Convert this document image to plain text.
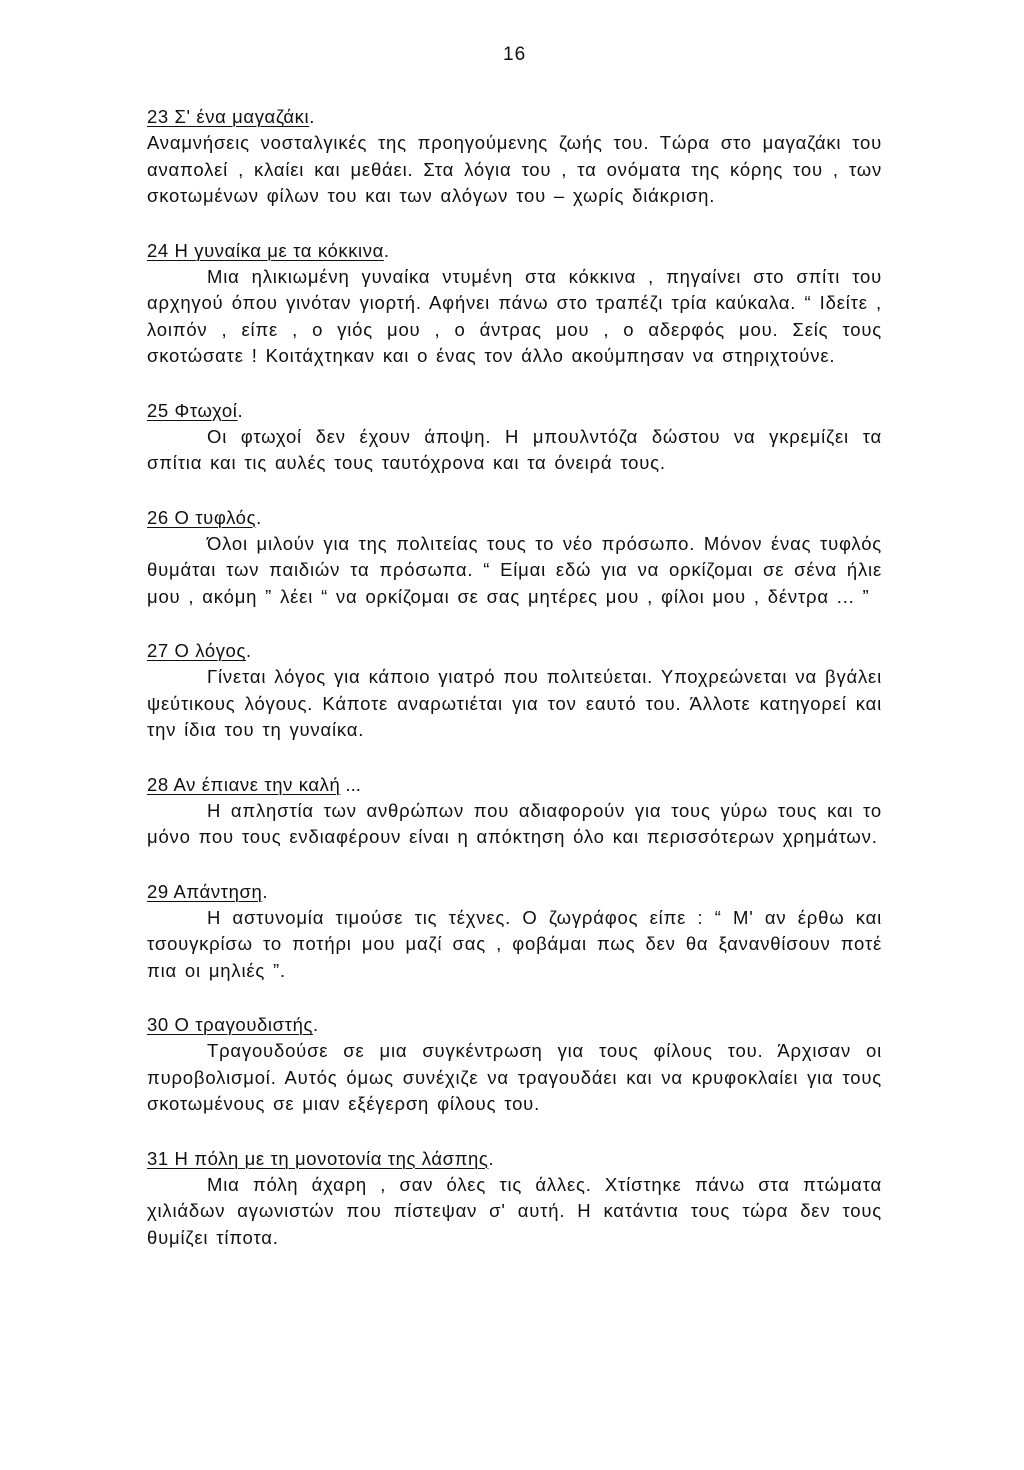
16
23 Σ' ένα μαγαζάκι.
Αναμνήσεις νοσταλγικές της προηγούμενης ζωής του. Τώρα στο μαγαζάκι του αναπολεί , κλαίει και μεθάει. Στα λόγια του , τα ονόματα της κόρης του , των σκοτωμένων φίλων του και των αλόγων του – χωρίς διάκριση.
24 Η γυναίκα με τα κόκκινα.
Μια ηλικιωμένη γυναίκα ντυμένη στα κόκκινα , πηγαίνει στο σπίτι του αρχηγού όπου γινόταν γιορτή. Αφήνει πάνω στο τραπέζι τρία καύκαλα. “ Ιδείτε , λοιπόν , είπε , ο γιός μου , ο άντρας μου , ο αδερφός μου. Σείς τους σκοτώσατε ! Κοιτάχτηκαν και ο ένας τον άλλο ακούμπησαν να στηριχτούνε.
25 Φτωχοί.
Οι φτωχοί δεν έχουν άποψη. Η μπουλντόζα δώστου να γκρεμίζει τα σπίτια και τις αυλές τους ταυτόχρονα και τα όνειρά τους.
26 Ο τυφλός.
Όλοι μιλούν για της πολιτείας τους το νέο πρόσωπο. Μόνον ένας τυφλός θυμάται των παιδιών τα πρόσωπα. “ Είμαι εδώ για να ορκίζομαι σε σένα ήλιε μου , ακόμη ” λέει “ να ορκίζομαι σε σας μητέρες μου , φίλοι μου , δέντρα ... ”
27 Ο λόγος.
Γίνεται λόγος για κάποιο γιατρό που πολιτεύεται. Υποχρεώνεται να βγάλει ψεύτικους λόγους. Κάποτε αναρωτιέται για τον εαυτό του. Άλλοτε κατηγορεί και την ίδια του τη γυναίκα.
28 Αν έπιανε την καλή ...
Η απληστία των ανθρώπων που αδιαφορούν για τους γύρω τους και το μόνο που τους ενδιαφέρουν είναι η απόκτηση όλο και περισσότερων χρημάτων.
29 Απάντηση.
Η αστυνομία τιμούσε τις τέχνες. Ο ζωγράφος είπε : “ Μ' αν έρθω και τσουγκρίσω το ποτήρι μου μαζί σας , φοβάμαι πως δεν θα ξανανθίσουν ποτέ πια οι μηλιές ”.
30 Ο τραγουδιστής.
Τραγουδούσε σε μια συγκέντρωση για τους φίλους του. Άρχισαν οι πυροβολισμοί. Αυτός όμως συνέχιζε να τραγουδάει και να κρυφοκλαίει για τους σκοτωμένους σε μιαν εξέγερση φίλους του.
31 Η πόλη με τη μονοτονία της λάσπης.
Μια πόλη άχαρη , σαν όλες τις άλλες. Χτίστηκε πάνω στα πτώματα χιλιάδων αγωνιστών που πίστεψαν σ' αυτή. Η κατάντια τους τώρα δεν τους θυμίζει τίποτα.
